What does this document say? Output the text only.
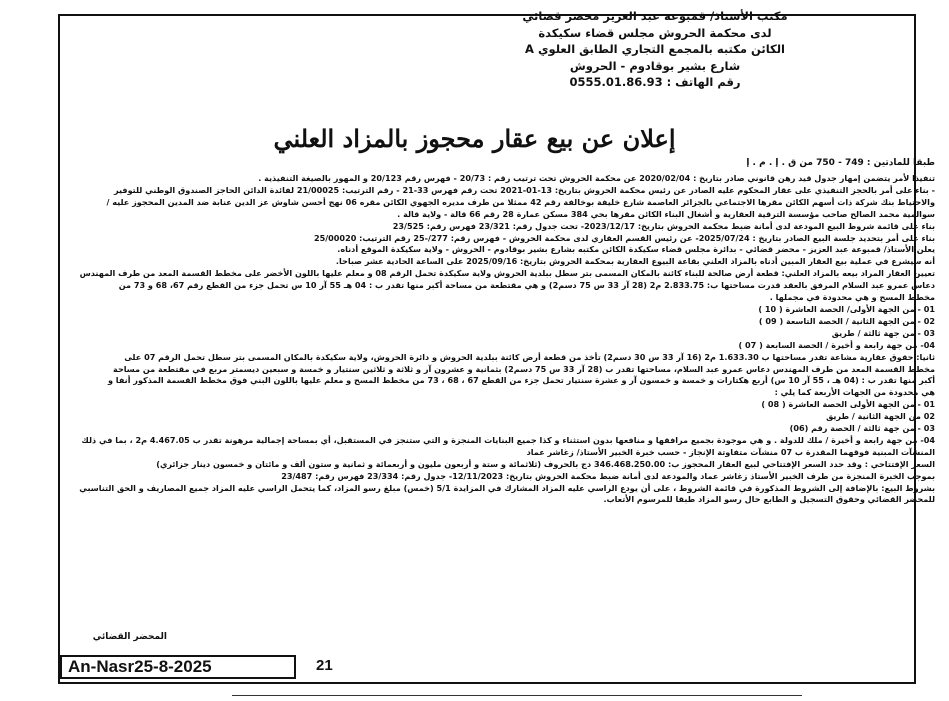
مكتب الأستاذ/ قمبوعة عبد العزيز محضر قضائي
لدى محكمة الحروش مجلس قضاء سكيكدة
الكائن مكتبه بالمجمع التجاري الطابق العلوي A
شارع بشير بوقادوم - الحروش
رقم الهاتف : 0555.01.86.93
إعلان عن بيع عقار محجوز بالمزاد العلني
طبقا للمادتين : 749 - 750 من ق . إ . م . إ

تنفيذا لأمر يتضمن إمهار جدول قيد رهن قانوني صادر بتاريخ : 2020/02/04 عن محكمة الحروش تحت ترتيب رقم : 20/73 - فهرس رقم 20/123 و المهور بالصيغة التنفيذية .

- بناء على أمر بالحجز التنفيذي على عقار المحكوم عليه الصادر عن رئيس محكمة الحروش بتاريخ: 13-01-2021 تحت رقم فهرس 33-21 - رقم الترتيب: 21/00025 لفائدة الدائن الحاجز الصندوق الوطني للتوفير

والاحتياط بنك شركة ذات أسهم الكائن مقرها الاجتماعي بالجزائر العاصمة شارع خليفة بوخالفة رقم 42 ممثلا من طرف مديره الجهوي الكائن مقره 06 نهج أحسن شاوش عز الدين عنابة ضد المدين المحجوز عليه /

سوالمية محمد الصالح صاحب مؤسسة الترقية العقارية و أشغال البناء الكائن مقرها بحي 384 مسكن عمارة 28 رقم 66 قالة - ولاية قالة .

بناء على قائمة شروط البيع المودعة لدى أمانة ضبط محكمة الحروش بتاريخ: 2023/12/17- تحت جدول رقم: 23/321 فهرس رقم: 23/525

بناء على أمر بتحديد جلسة البيع الصادر بتاريخ : 2025/07/24- عن رئيس القسم العقاري لدى محكمة الحروش - فهرس رقم: 277/-25 رقم الترتيب: 25/00020

يعلن الأستاذ/ قمبوعة عبد العزيز - محضر قضائي - بدائرة مجلس قضاء سكيكدة الكائن مكتبه بشارع بشير بوقادوم - الحروش - ولاية سكيكدة الموقع أدناه.

أنه سيشرع في عملية بيع العقار المبين أدناه بالمزاد العلني بقاعة البيوع العقارية بمحكمة الحروش بتاريخ: 2025/09/16 على الساعة الحادية عشر صباحا.

تعيين العقار المراد بيعه بالمزاد العلني: قطعة أرض صالحة للبناء كائنة بالمكان المسمى بتر سطل ببلدية الحروش ولاية سكيكدة تحمل الرقم 08 و معلم عليها باللون الأخضر على مخطط القسمة المعد من طرف المهندس

دعاس عمرو عبد السلام المرفق بالعقد قدرت مساحتها ب: 2.833.75 م2 (28 آر 33 س 75 دسم2) و هي مقتطعة من مساحة أكبر منها تقدر ب : 04 هـ 55 آر 10 س تحمل جزء من القطع رقم 67، 68 و 73 من

مخطط المسح و هي محدودة في مجملها .

01 - من الجهة الأولى/ الحصة العاشرة ( 10 )

02 - من الجهة الثانية / الحصة التاسعة ( 09 )

03 - من جهة ثالثة / طريق

04- من جهة رابعة و أخيرة / الحصة السابعة ( 07 )

ثانيا: حقوق عقارية مشاعة تقدر مساحتها ب 1.633.30 م2 (16 آر 33 س 30 دسم2) تأخذ من قطعة أرض كائنة ببلدية الحروش و دائرة الحروش، ولاية سكيكدة بالمكان المسمى بتر سطل تحمل الرقم 07 على

مخطط القسمة المعد من طرف المهندس دعاس عمرو عبد السلام، مساحتها تقدر ب (28 آر 33 س 75 دسم2) بثمانية و عشرون آر و ثلاثة و ثلاثين سنتيار و خمسة و سبعين ديسمتر مربع في مقتطعة من مساحة

أكبر منها تقدر ب : (04 هـ ، 55 آر 10 س) أربع هكتارات و خمسة و خمسون آر و عشرة سنتيار تحمل جزء من القطع 67 ، 68 ، 73 من مخطط المسح و معلم عليها باللون البني فوق مخطط القسمة المذكور أنفا و

هي محدودة من الجهات الأربعة كما يلي :

01 - من الجهة الأولى الحصة العاشرة ( 08 )

02 من الجهة الثانية / طريق

03 - من جهة ثالثة / الحصة رقم (06)

04- من جهة رابعة و أخيرة / ملك للدولة . و هي موجودة بجميع مرافقها و منافعها بدون استثناء و كذا جميع البنايات المنجزة و التي ستنجز في المستقبل، أي بمساحة إجمالية مرهونة تقدر ب 4.467.05 م2 ، بما في ذلك

المنشآت المبنية فوقهما المقدرة ب 07 منشآت متفاوتة الإنجاز - حسب خبرة الخبير الأستاذ/ زغاشر عماد

السعر الإفتتاحي : وقد حدد السعر الإفتتاحي لبيع العقار المحجوز ب: 346.468.250.00 دج بالحروف (ثلاثمائة و ستة و أربعون مليون و أربعمائة و ثمانية و ستون ألف و مائتان و خمسون دينار جزائري)

بموجب الخبرة المنجزة من طرف الخبير الأستاذ زغاشر عماد والمودعة لدى أمانة ضبط محكمة الحروش بتاريخ: 12/11/2023- جدول رقم: 23/334 فهرس رقم: 23/487

بشروط البيع: بالإضافة إلى الشروط المذكورة في قائمة الشروط ، على أن يودع الراسي عليه المزاد المشارك في المزايدة 5/1 (خمس) مبلغ رسو المزاد، كما يتحمل الراسي عليه المزاد جميع المصاريف و الحق التناسبي

للمحضر القضائي وحقوق التسجيل و الطابع حال رسو المزاد طبقا للمرسوم الأتعاب.

المحضر القضائي
An-Nasr25-8-2025	21
